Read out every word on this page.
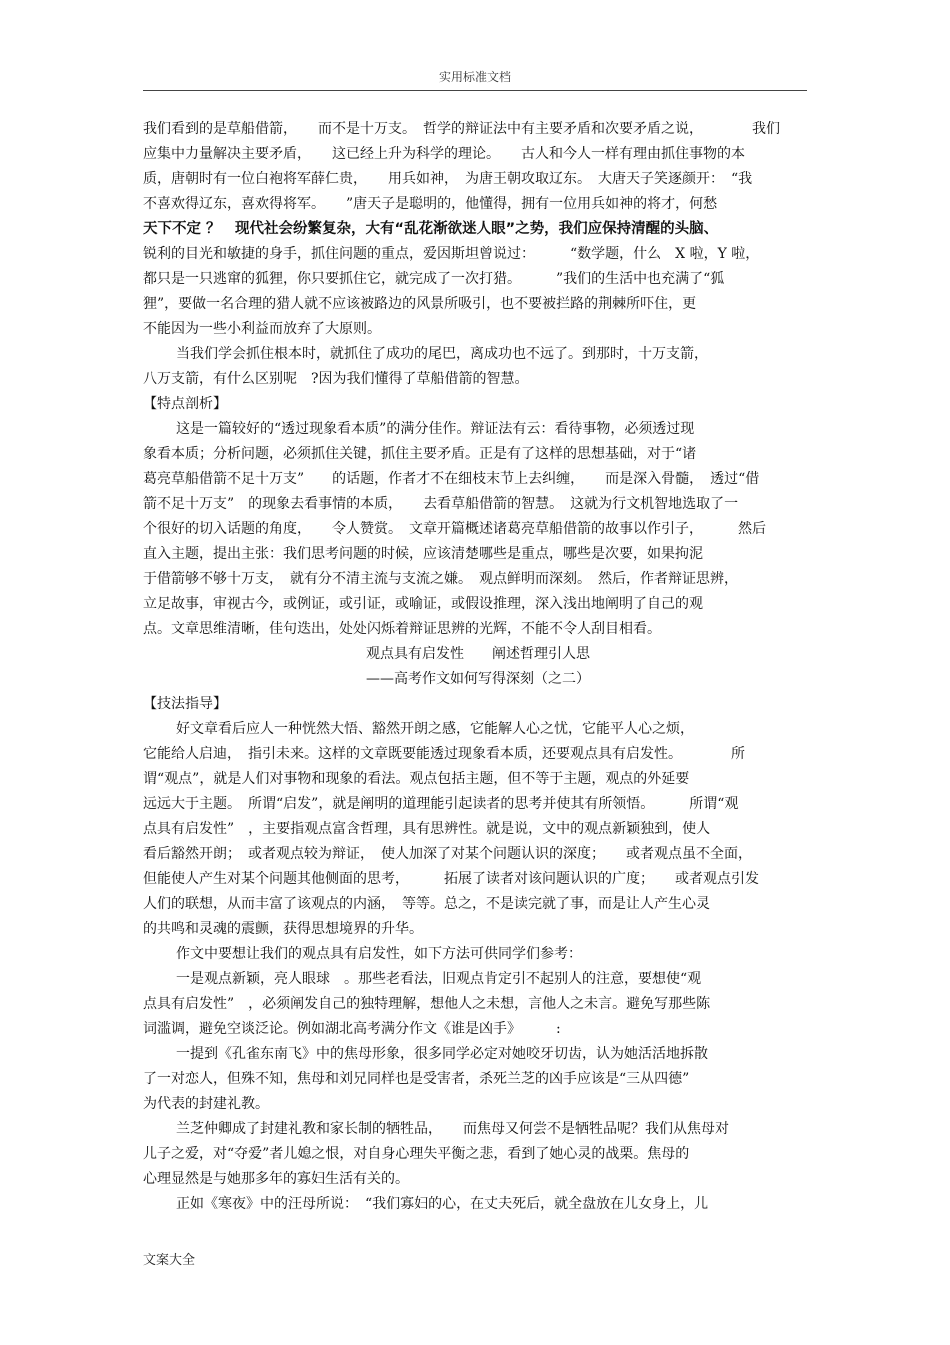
实用标准文档
我们看到的是草船借箭，　　而不是十万支。　哲学的辩证法中有主要矛盾和次要矛盾之说，　　　　我们
应集中力量解决主要矛盾，　　这已经上升为科学的理论。　　古人和今人一样有理由抓住事物的本
质，唐朝时有一位白袍将军薛仁贵，　　用兵如神，　为唐王朝攻取辽东。　大唐天子笑逐颜开：　“我
不喜欢得辽东，喜欢得将军。　　”唐天子是聪明的，他懂得，拥有一位用兵如神的将才，何愁
天下不定 ？　现代社会纷繁复杂，大有“乱花渐欲迷人眼”之势，我们应保持清醒的头脑、
锐利的目光和敏捷的身手，抓住问题的重点，爱因斯坦曾说过：　　　“数学题，什么　X 啦，Y 啦，
都只是一只逃窜的狐狸，你只要抓住它，就完成了一次打猎。　　　”我们的生活中也充满了“狐
狸”，要做一名合理的猎人就不应该被路边的风景所吸引，也不要被拦路的荆棘所吓住，更
不能因为一些小利益而放弃了大原则。
当我们学会抓住根本时，就抓住了成功的尾巴，离成功也不远了。到那时，十万支箭，
八万支箭，有什么区别呢　?因为我们懂得了草船借箭的智慧。
【特点剖析】
这是一篇较好的“透过现象看本质”的满分佳作。辩证法有云：看待事物，必须透过现
象看本质；分析问题，必须抓住关键，抓住主要矛盾。正是有了这样的思想基础，对于“诸
葛亮草船借箭不足十万支”　　的话题，作者才不在细枝末节上去纠缠，　　而是深入骨髓，　透过“借
箭不足十万支”　的现象去看事情的本质，　　去看草船借箭的智慧。　这就为行文机智地选取了一
个很好的切入话题的角度，　　令人赞赏。　文章开篇概述诸葛亮草船借箭的故事以作引子，　　　然后
直入主题，提出主张：我们思考问题的时候，应该清楚哪些是重点，哪些是次要，如果拘泥
于借箭够不够十万支，　就有分不清主流与支流之嫌。　观点鲜明而深刻。　然后，作者辩证思辨，
立足故事，审视古今，或例证，或引证，或喻证，或假设推理，深入浅出地阐明了自己的观
点。文章思维清晰，佳句迭出，处处闪烁着辩证思辨的光辉，不能不令人刮目相看。
观点具有启发性　　阐述哲理引人思
——高考作文如何写得深刻（之二）
【技法指导】
好文章看后应人一种恍然大悟、豁然开朗之感，它能解人心之忧，它能平人心之烦，
它能给人启迪，　指引未来。这样的文章既要能透过现象看本质，还要观点具有启发性。　　　　所
谓“观点”，就是人们对事物和现象的看法。观点包括主题，但不等于主题，观点的外延要
远远大于主题。　所谓“启发”，就是阐明的道理能引起读者的思考并使其有所领悟。　　　所谓“观
点具有启发性”　，主要指观点富含哲理，具有思辨性。就是说，文中的观点新颖独到，使人
看后豁然开朗；　或者观点较为辩证，　使人加深了对某个问题认识的深度；　　或者观点虽不全面，
但能使人产生对某个问题其他侧面的思考，　　　拓展了读者对该问题认识的广度；　　或者观点引发
人们的联想，从而丰富了该观点的内涵，　等等。总之，不是读完就了事，而是让人产生心灵
的共鸣和灵魂的震颤，获得思想境界的升华。
作文中要想让我们的观点具有启发性，如下方法可供同学们参考：
一是观点新颖，亮人眼球　。那些老看法，旧观点肯定引不起别人的注意，要想使“观
点具有启发性”　，必须阐发自己的独特理解，想他人之未想，言他人之未言。避免写那些陈
词滥调，避免空谈泛论。例如湖北高考满分作文《谁是凶手》　　　:
一提到《孔雀东南飞》中的焦母形象，很多同学必定对她咬牙切齿，认为她活活地拆散
了一对恋人，但殊不知，焦母和刘兄同样也是受害者，杀死兰芝的凶手应该是“三从四德”
为代表的封建礼教。
兰芝仲卿成了封建礼教和家长制的牺牲品，　　而焦母又何尝不是牺牲品呢？我们从焦母对
儿子之爱，对“夺爱”者儿媳之恨，对自身心理失平衡之悲，看到了她心灵的战栗。焦母的
心理显然是与她那多年的寡妇生活有关的。
正如《寒夜》中的汪母所说：　“我们寡妇的心，在丈夫死后，就全盘放在儿女身上，儿
文案大全
